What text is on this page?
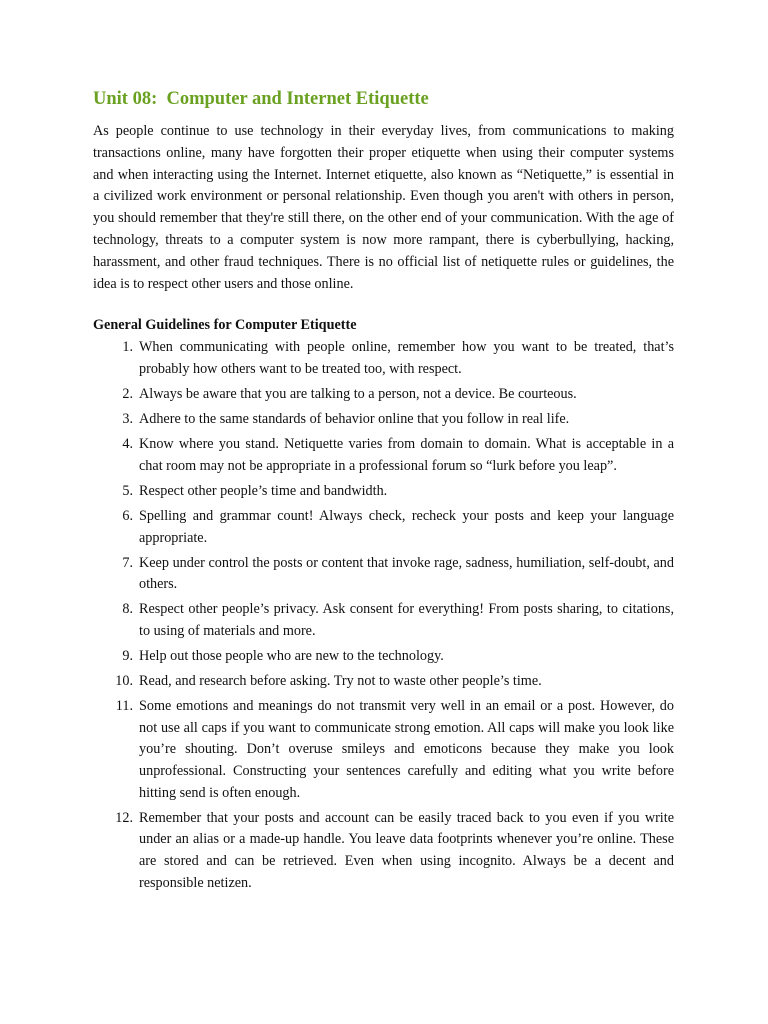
Unit 08:  Computer and Internet Etiquette

As people continue to use technology in their everyday lives, from communications to making transactions online, many have forgotten their proper etiquette when using their computer systems and when interacting using the Internet. Internet etiquette, also known as “Netiquette,” is essential in a civilized work environment or personal relationship. Even though you aren't with others in person, you should remember that they're still there, on the other end of your communication. With the age of technology, threats to a computer system is now more rampant, there is cyberbullying, hacking, harassment, and other fraud techniques. There is no official list of netiquette rules or guidelines, the idea is to respect other users and those online.

General Guidelines for Computer Etiquette
1. When communicating with people online, remember how you want to be treated, that’s probably how others want to be treated too, with respect.
2. Always be aware that you are talking to a person, not a device. Be courteous.
3. Adhere to the same standards of behavior online that you follow in real life.
4. Know where you stand. Netiquette varies from domain to domain. What is acceptable in a chat room may not be appropriate in a professional forum so “lurk before you leap”.
5. Respect other people’s time and bandwidth.
6. Spelling and grammar count! Always check, recheck your posts and keep your language appropriate.
7. Keep under control the posts or content that invoke rage, sadness, humiliation, self-doubt, and others.
8. Respect other people’s privacy. Ask consent for everything! From posts sharing, to citations, to using of materials and more.
9. Help out those people who are new to the technology.
10. Read, and research before asking. Try not to waste other people’s time.
11. Some emotions and meanings do not transmit very well in an email or a post. However, do not use all caps if you want to communicate strong emotion. All caps will make you look like you’re shouting. Don’t overuse smileys and emoticons because they make you look unprofessional. Constructing your sentences carefully and editing what you write before hitting send is often enough.
12. Remember that your posts and account can be easily traced back to you even if you write under an alias or a made-up handle. You leave data footprints whenever you’re online. These are stored and can be retrieved. Even when using incognito. Always be a decent and responsible netizen.
